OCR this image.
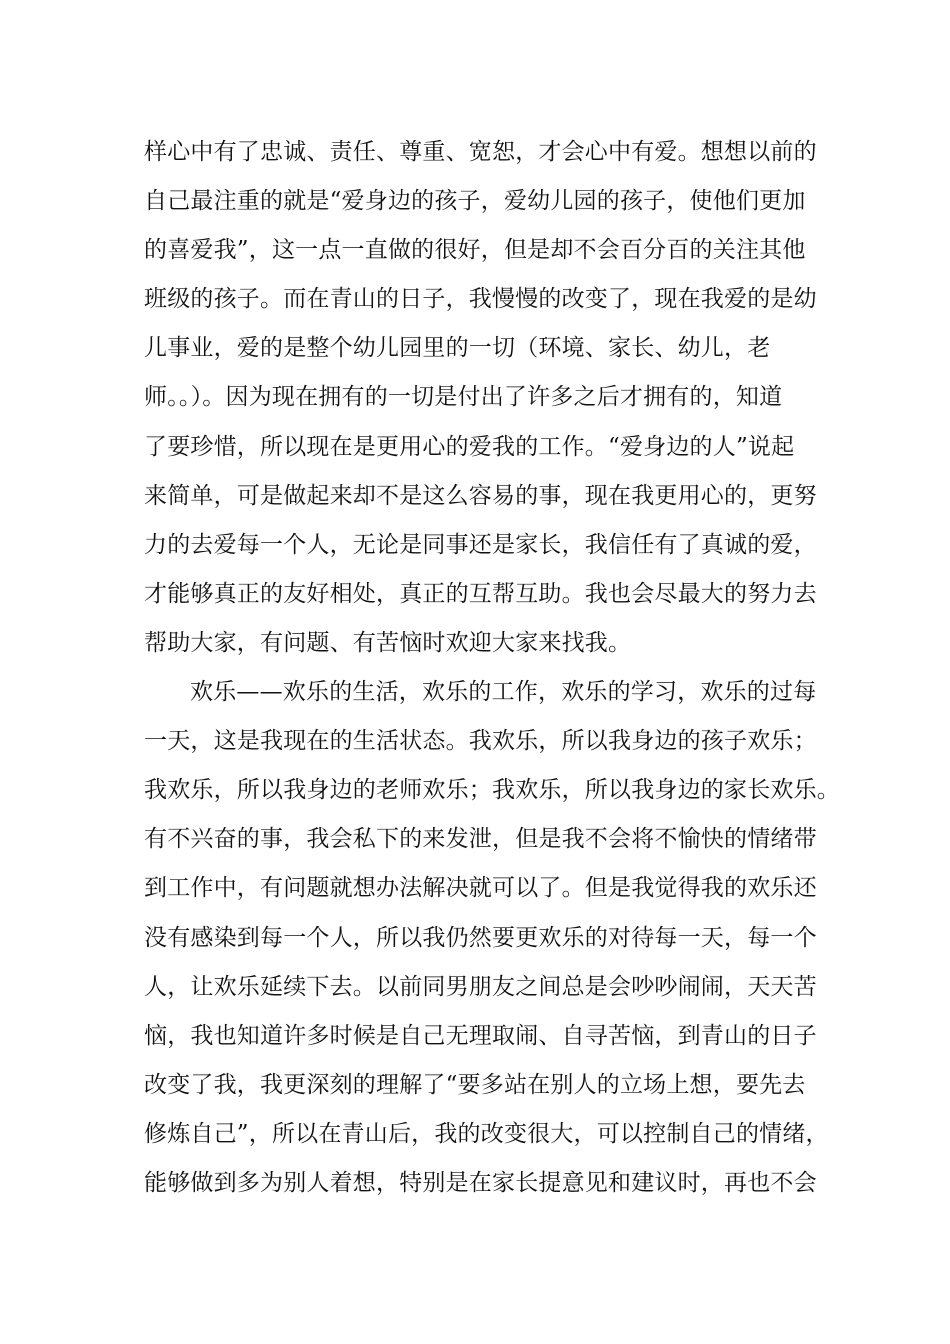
样心中有了忠诚、责任、尊重、宽恕，才会心中有爱。想想以前的
自己最注重的就是“爱身边的孩子，爱幼儿园的孩子，使他们更加
的喜爱我”，这一点一直做的很好，但是却不会百分百的关注其他
班级的孩子。而在青山的日子，我慢慢的改变了，现在我爱的是幼
儿事业，爱的是整个幼儿园里的一切（环境、家长、幼儿，老
师。。）。因为现在拥有的一切是付出了许多之后才拥有的，知道
了要珍惜，所以现在是更用心的爱我的工作。“爱身边的人”说起
来简单，可是做起来却不是这么容易的事，现在我更用心的，更努
力的去爱每一个人，无论是同事还是家长，我信任有了真诚的爱，
才能够真正的友好相处，真正的互帮互助。我也会尽最大的努力去
帮助大家，有问题、有苦恼时欢迎大家来找我。
欢乐——欢乐的生活，欢乐的工作，欢乐的学习，欢乐的过每
一天，这是我现在的生活状态。我欢乐，所以我身边的孩子欢乐；
我欢乐，所以我身边的老师欢乐；我欢乐，所以我身边的家长欢乐。
有不兴奋的事，我会私下的来发泄，但是我不会将不愉快的情绪带
到工作中，有问题就想办法解决就可以了。但是我觉得我的欢乐还
没有感染到每一个人，所以我仍然要更欢乐的对待每一天，每一个
人，让欢乐延续下去。以前同男朋友之间总是会吵吵闹闹，天天苦
恼，我也知道许多时候是自己无理取闹、自寻苦恼，到青山的日子
改变了我，我更深刻的理解了“要多站在别人的立场上想，要先去
修炼自己”，所以在青山后，我的改变很大，可以控制自己的情绪，
能够做到多为别人着想，特别是在家长提意见和建议时，再也不会
